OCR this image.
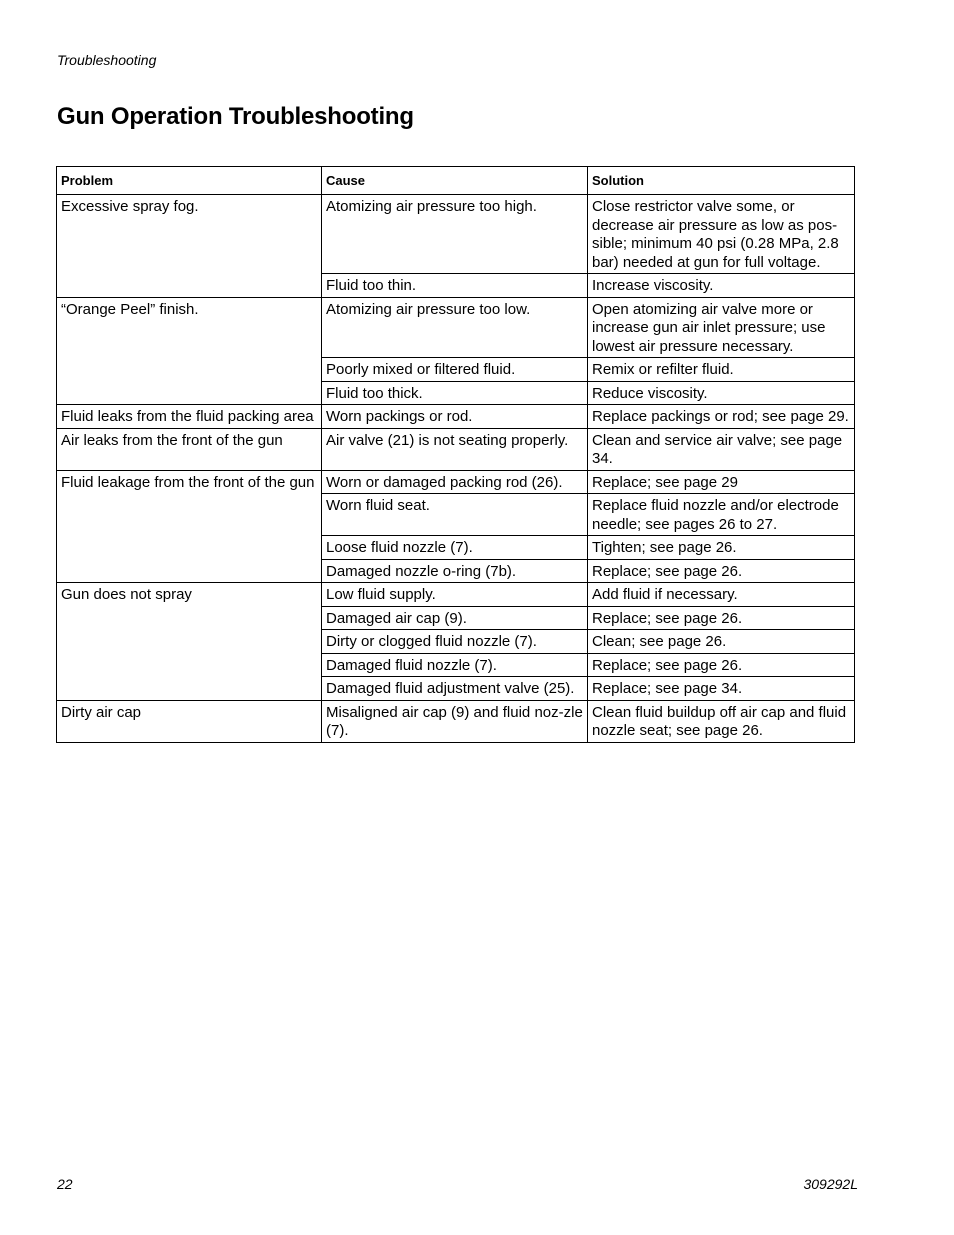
Troubleshooting
Gun Operation Troubleshooting
Problem	Cause	Solution
Excessive spray fog.	Atomizing air pressure too high.	Close restrictor valve some, or decrease air pressure as low as pos-sible; minimum 40 psi (0.28 MPa, 2.8 bar) needed at gun for full voltage.
	Fluid too thin.	Increase viscosity.
“Orange Peel” finish.	Atomizing air pressure too low.	Open atomizing air valve more or increase gun air inlet pressure; use lowest air pressure necessary.
	Poorly mixed or filtered fluid.	Remix or refilter fluid.
	Fluid too thick.	Reduce viscosity.
Fluid leaks from the fluid packing area	Worn packings or rod.	Replace packings or rod; see page 29.
Air leaks from the front of the gun	Air valve (21) is not seating properly.	Clean and service air valve; see page 34.
Fluid leakage from the front of the gun	Worn or damaged packing rod (26).	Replace; see page 29
	Worn fluid seat.	Replace fluid nozzle and/or electrode needle; see pages 26 to 27.
	Loose fluid nozzle (7).	Tighten; see page 26.
	Damaged nozzle o-ring (7b).	Replace; see page 26.
Gun does not spray	Low fluid supply.	Add fluid if necessary.
	Damaged air cap (9).	Replace; see page 26.
	Dirty or clogged fluid nozzle (7).	Clean; see page 26.
	Damaged fluid nozzle (7).	Replace; see page 26.
	Damaged fluid adjustment valve (25).	Replace; see page 34.
Dirty air cap	Misaligned air cap (9) and fluid noz-zle (7).	Clean fluid buildup off air cap and fluid nozzle seat; see page 26.
22	309292L
